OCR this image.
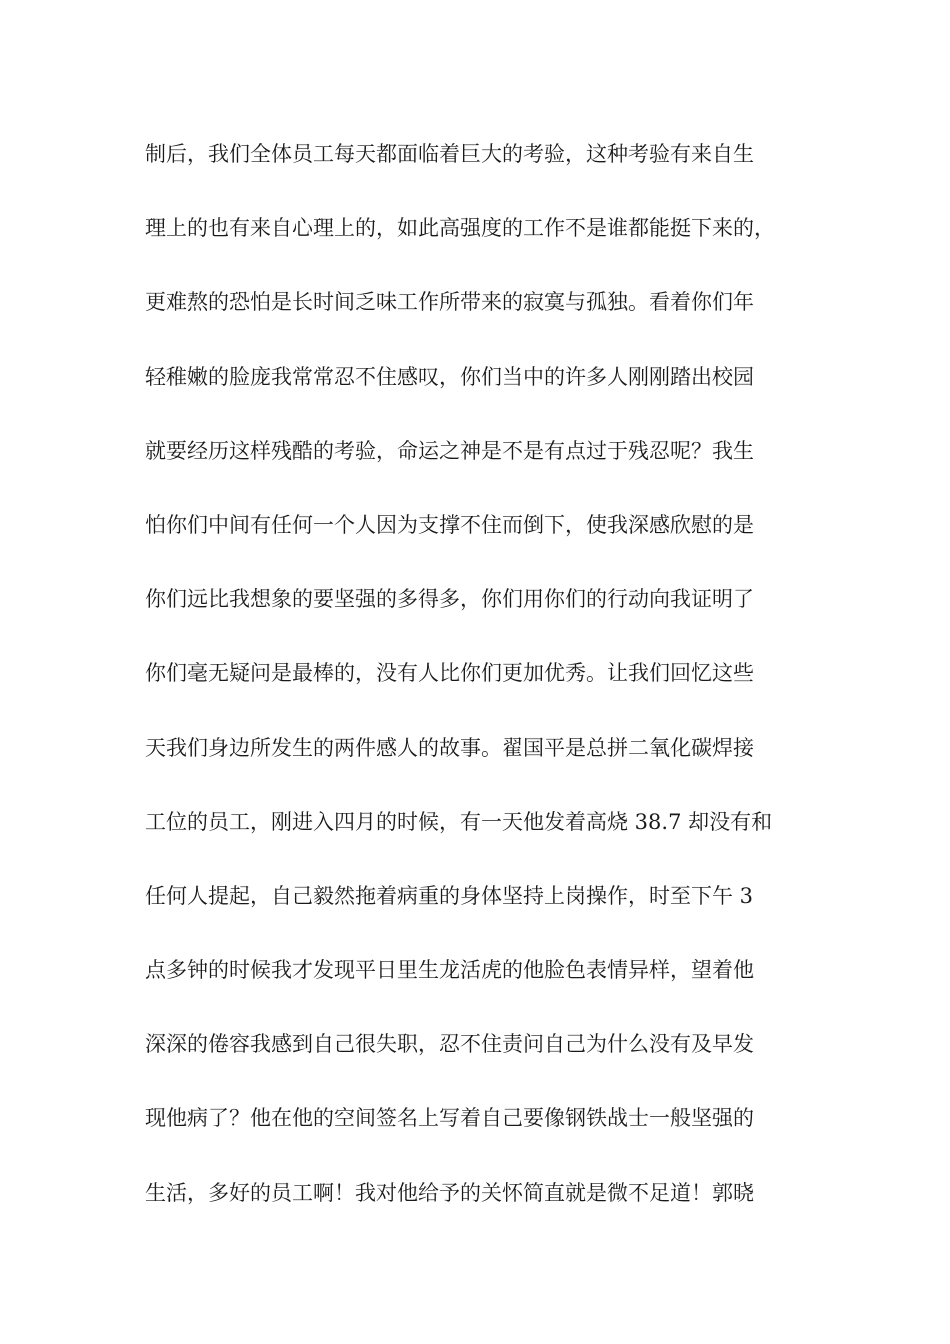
制后，我们全体员工每天都面临着巨大的考验，这种考验有来自生
理上的也有来自心理上的，如此高强度的工作不是谁都能挺下来的，
更难熬的恐怕是长时间乏味工作所带来的寂寞与孤独。看着你们年
轻稚嫩的脸庞我常常忍不住感叹，你们当中的许多人刚刚踏出校园
就要经历这样残酷的考验，命运之神是不是有点过于残忍呢？我生
怕你们中间有任何一个人因为支撑不住而倒下，使我深感欣慰的是
你们远比我想象的要坚强的多得多，你们用你们的行动向我证明了
你们毫无疑问是最棒的，没有人比你们更加优秀。让我们回忆这些
天我们身边所发生的两件感人的故事。翟国平是总拼二氧化碳焊接
工位的员工，刚进入四月的时候，有一天他发着高烧 38.7 却没有和
任何人提起，自己毅然拖着病重的身体坚持上岗操作，时至下午 3
点多钟的时候我才发现平日里生龙活虎的他脸色表情异样，望着他
深深的倦容我感到自己很失职，忍不住责问自己为什么没有及早发
现他病了？他在他的空间签名上写着自己要像钢铁战士一般坚强的
生活，多好的员工啊！我对他给予的关怀简直就是微不足道！郭晓
